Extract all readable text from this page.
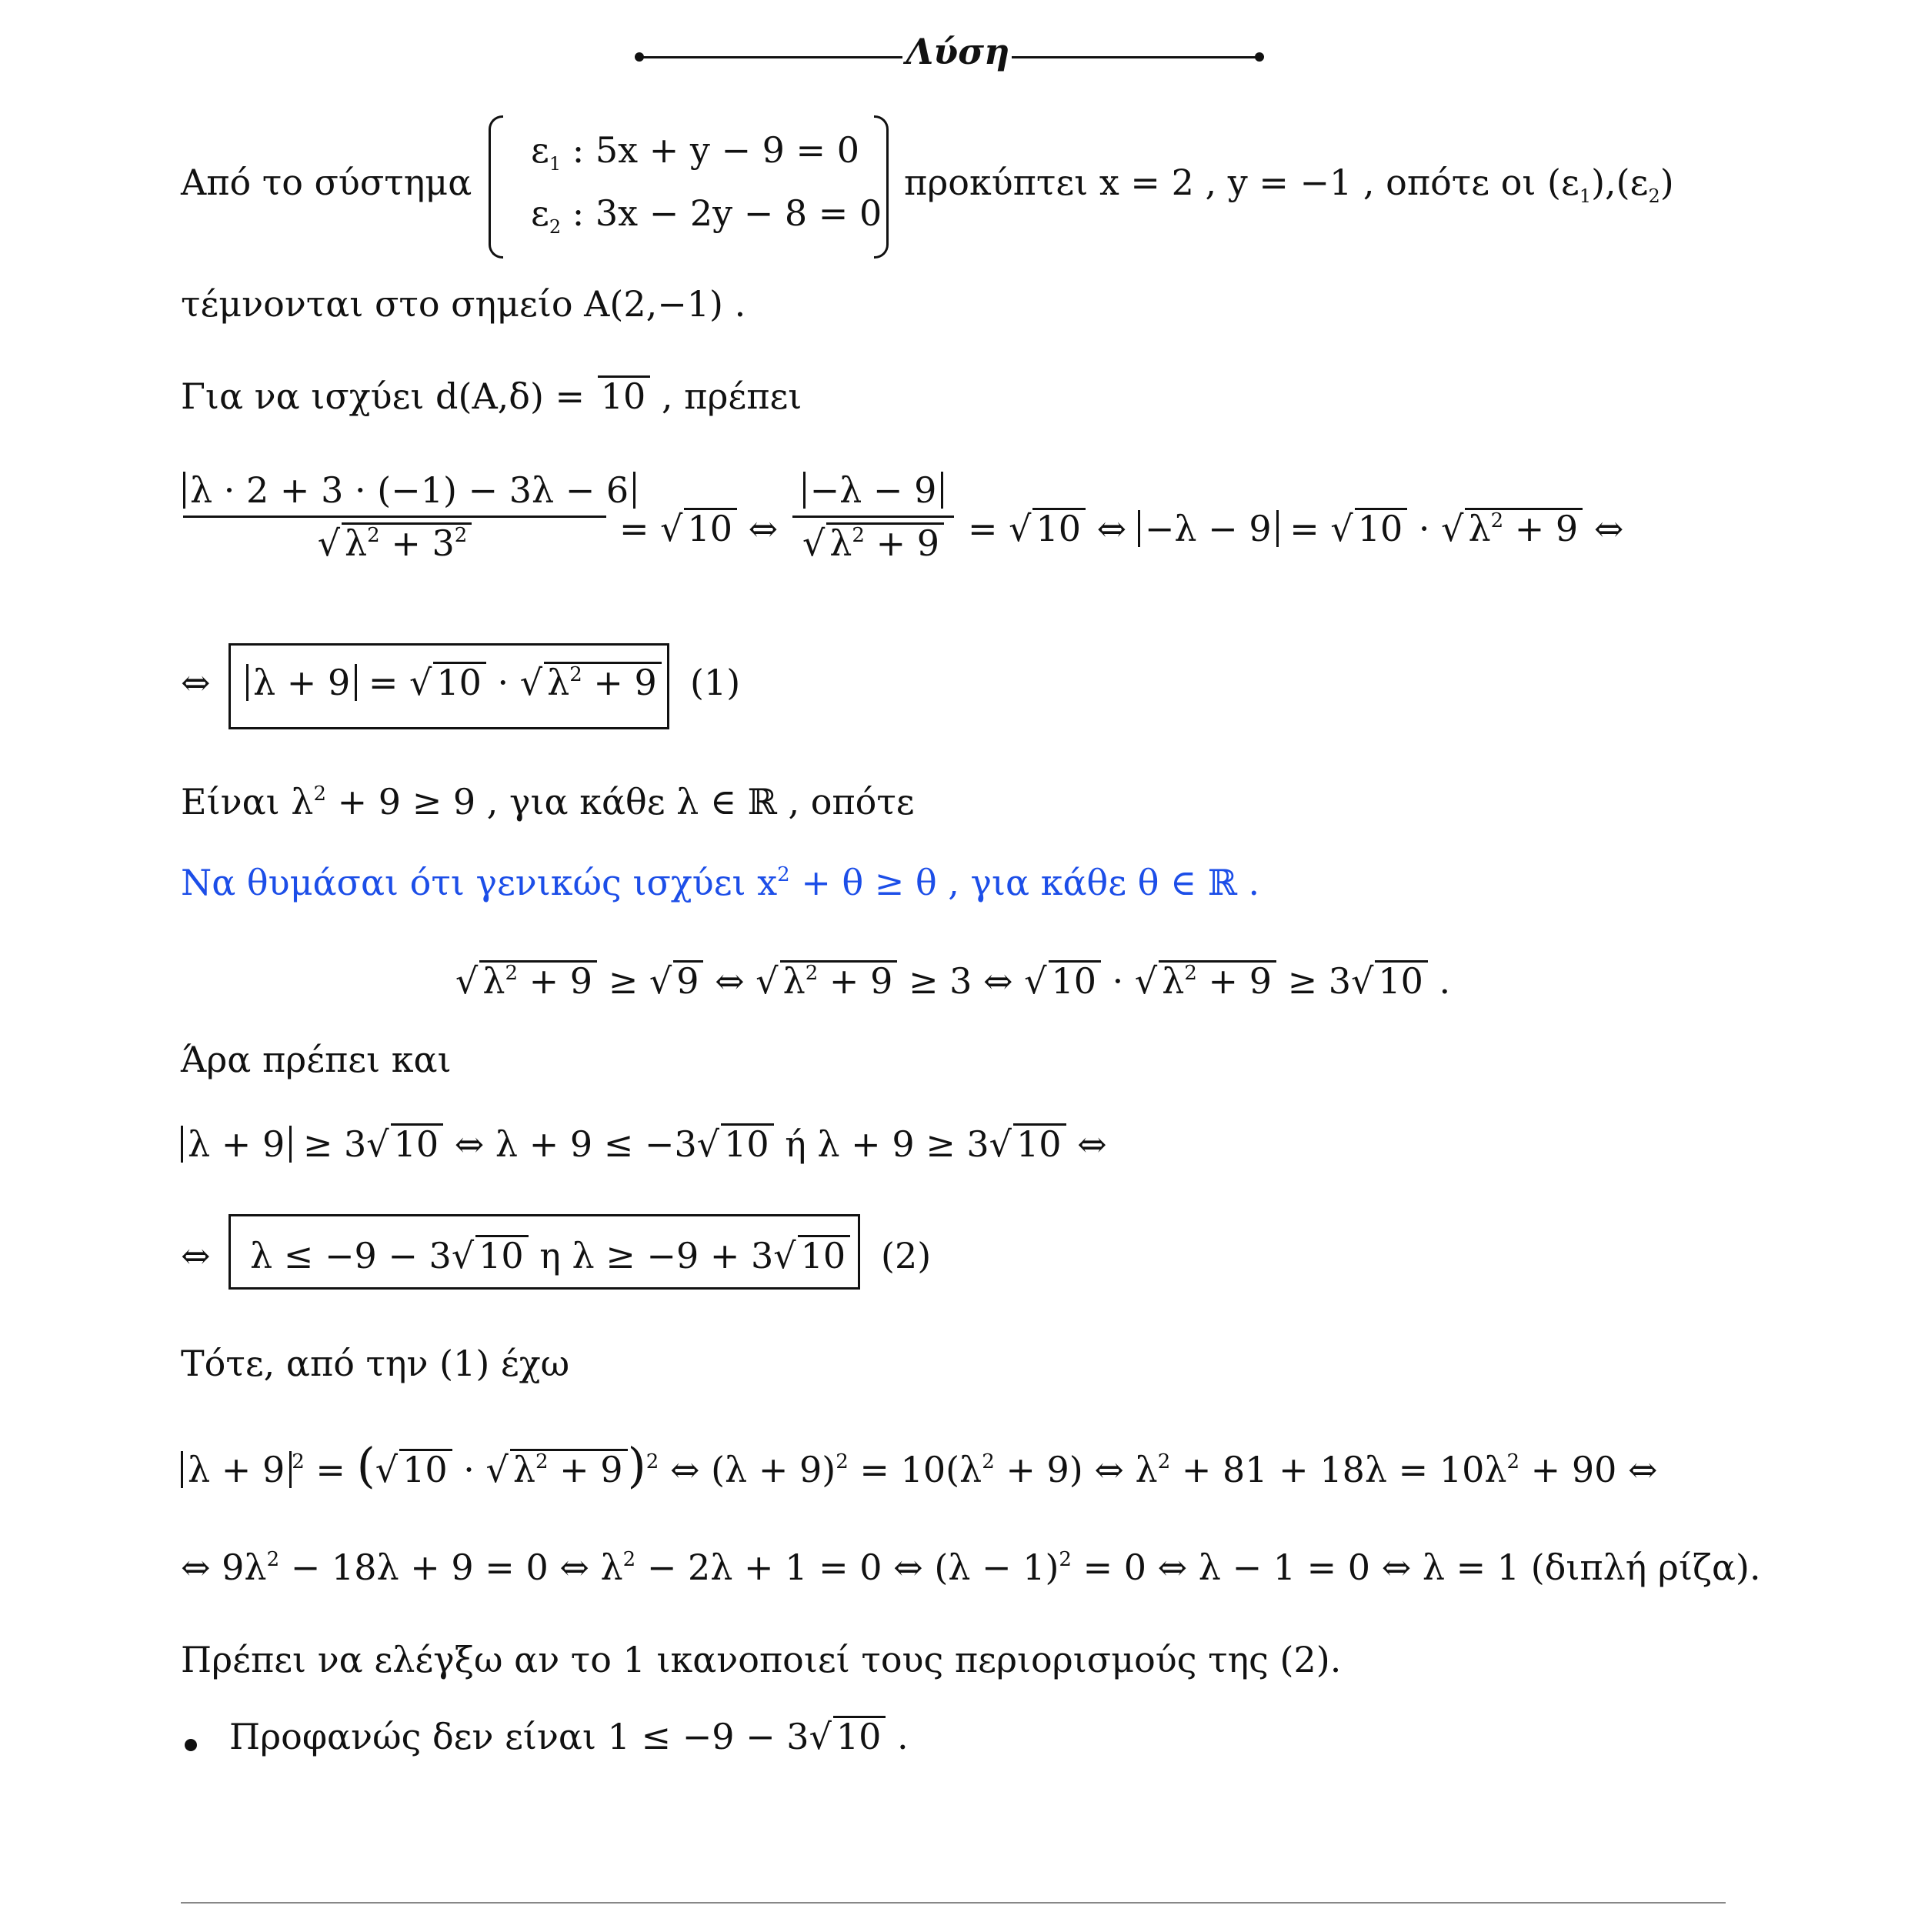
Λύση
Από το σύστημα
$\varepsilon_1$ : 5x + y − 9 = 0
$\varepsilon_2$ : 3x − 2y − 8 = 0
προκύπτει x = 2 , y = −1 , οπότε οι $(\varepsilon_1),(\varepsilon_2)$
τέμνονται στο σημείο Α(2,−1) .
Για να ισχύει d(A,δ) = 10 , πρέπει
λ · 2 + 3 · (−1) − 3λ − 6
√ $\lambda^2 + 3^2$	= √ 10 ⇔
−λ − 9
√ $\lambda^2 + 9$ = √ 10 ⇔ −λ − 9 = √ 10 · √ $\lambda^2 + 9$ ⇔
⇔ λ + 9 = √ 10 · √ $\lambda^2 + 9$ (1)
Είναι $\lambda^2 + 9 \ge 9$ , για κάθε λ ∈ ℝ , οπότε
Να θυμάσαι ότι γενικώς ισχύει $x^2 + \theta \ge \theta$ , για κάθε θ ∈ ℝ .
√ $\lambda^2 + 9$ ≥ √ 9 ⇔ √ $\lambda^2 + 9 \ge 3$ ⇔ √ 10 · √ $\lambda^2 + 9 \ge 3√$ 10 .
Άρα πρέπει και
λ + 9 ≥ 3√ 10 ⇔ λ + 9 ≤ −3√ 10 ή λ + 9 ≥ 3√ 10 ⇔
⇔ λ ≤ −9 − 3√ 10 η λ ≥ −9 + 3√ 10 (2)
Τότε, από την (1) έχω
λ + 9 $^2$ = (√ 10 · √ $\lambda^2 + 9)^2$ ⇔ $(\lambda + 9)^2 = 10(\lambda^2 + 9)$ ⇔ $\lambda^2 + 81 + 18\lambda = 10\lambda^2 + 90$ ⇔
⇔ $9\lambda^2 - 18\lambda + 9 = 0$ ⇔ $\lambda^2 - 2\lambda + 1 = 0$ ⇔ $(\lambda - 1)^2 = 0$ ⇔ λ − 1 = 0 ⇔ λ = 1 (διπλή ρίζα).
Πρέπει να ελέγξω αν το 1 ικανοποιεί τους περιορισμούς της (2).
Προφανώς δεν είναι 1 ≤ −9 − 3√ 10 .
